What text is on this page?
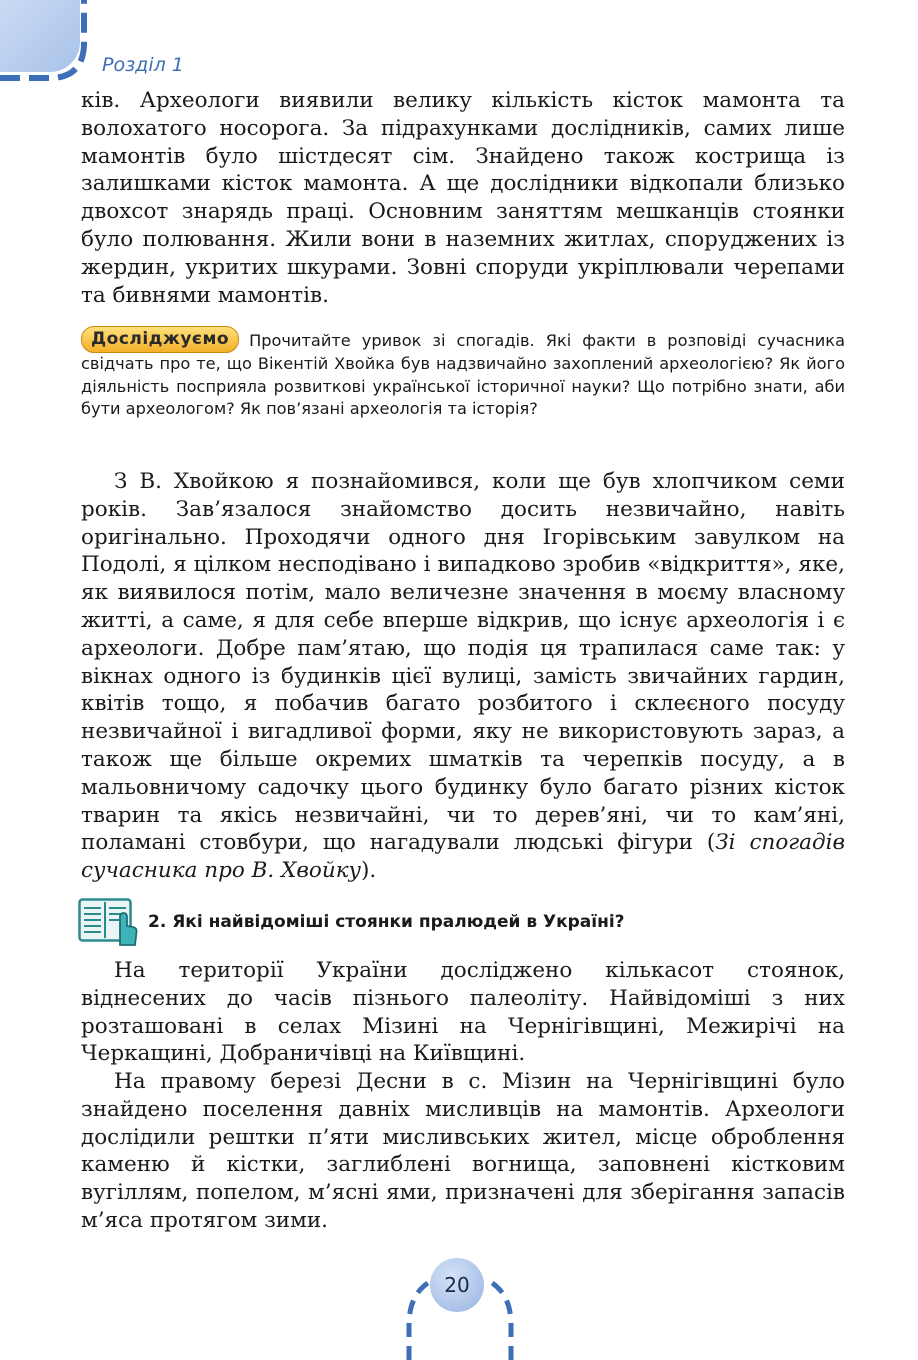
Розділ 1

ків. Археологи виявили велику кількість кісток мамонта та волохатого носорога. За підрахунками дослідників, самих лише мамонтів було шістдесят сім. Знайдено також кострища із залишками кісток мамонта. А ще дослідники відкопали близько двохсот знарядь праці. Основним заняттям мешканців стоянки було полювання. Жили вони в наземних житлах, споруджених із жердин, укритих шкурами. Зовні споруди укріплювали черепами та бивнями мамонтів.

Досліджуємо Прочитайте уривок зі спогадів. Які факти в розповіді сучасника свідчать про те, що Вікентій Хвойка був надзвичайно захоплений археологією? Як його діяльність посприяла розвиткові української історичної науки? Що потрібно знати, аби бути археологом? Як пов’язані археологія та історія?

З В. Хвойкою я познайомився, коли ще був хлопчиком семи років. Зав’язалося знайомство досить незвичайно, навіть оригінально. Проходячи одного дня Ігорівським завулком на Подолі, я цілком несподівано і випадково зробив «відкриття», яке, як виявилося потім, мало величезне значення в моєму власному житті, а саме, я для себе вперше відкрив, що існує археологія і є археологи. Добре пам’ятаю, що подія ця трапилася саме так: у вікнах одного із будинків цієї вулиці, замість звичайних гардин, квітів тощо, я побачив багато розбитого і склеєного посуду незвичайної і вигадливої форми, яку не використовують зараз, а також ще більше окремих шматків та черепків посуду, а в мальовничому садочку цього будинку було багато різних кісток тварин та якісь незвичайні, чи то дерев’яні, чи то кам’яні, поламані стовбури, що нагадували людські фігури (Зі спогадів сучасника про В. Хвойку).

2. Які найвідоміші стоянки пралюдей в Україні?

На території України досліджено кількасот стоянок, віднесених до часів пізнього палеоліту. Найвідоміші з них розташовані в селах Мізині на Чернігівщині, Межирічі на Черкащині, Добраничівці на Київщині.

На правому березі Десни в с. Мізин на Чернігівщині було знайдено поселення давніх мисливців на мамонтів. Археологи дослідили рештки п’яти мисливських жител, місце оброблення каменю й кістки, заглиблені вогнища, заповнені кістковим вугіллям, попелом, м’ясні ями, призначені для зберігання запасів м’яса протягом зими.

20
